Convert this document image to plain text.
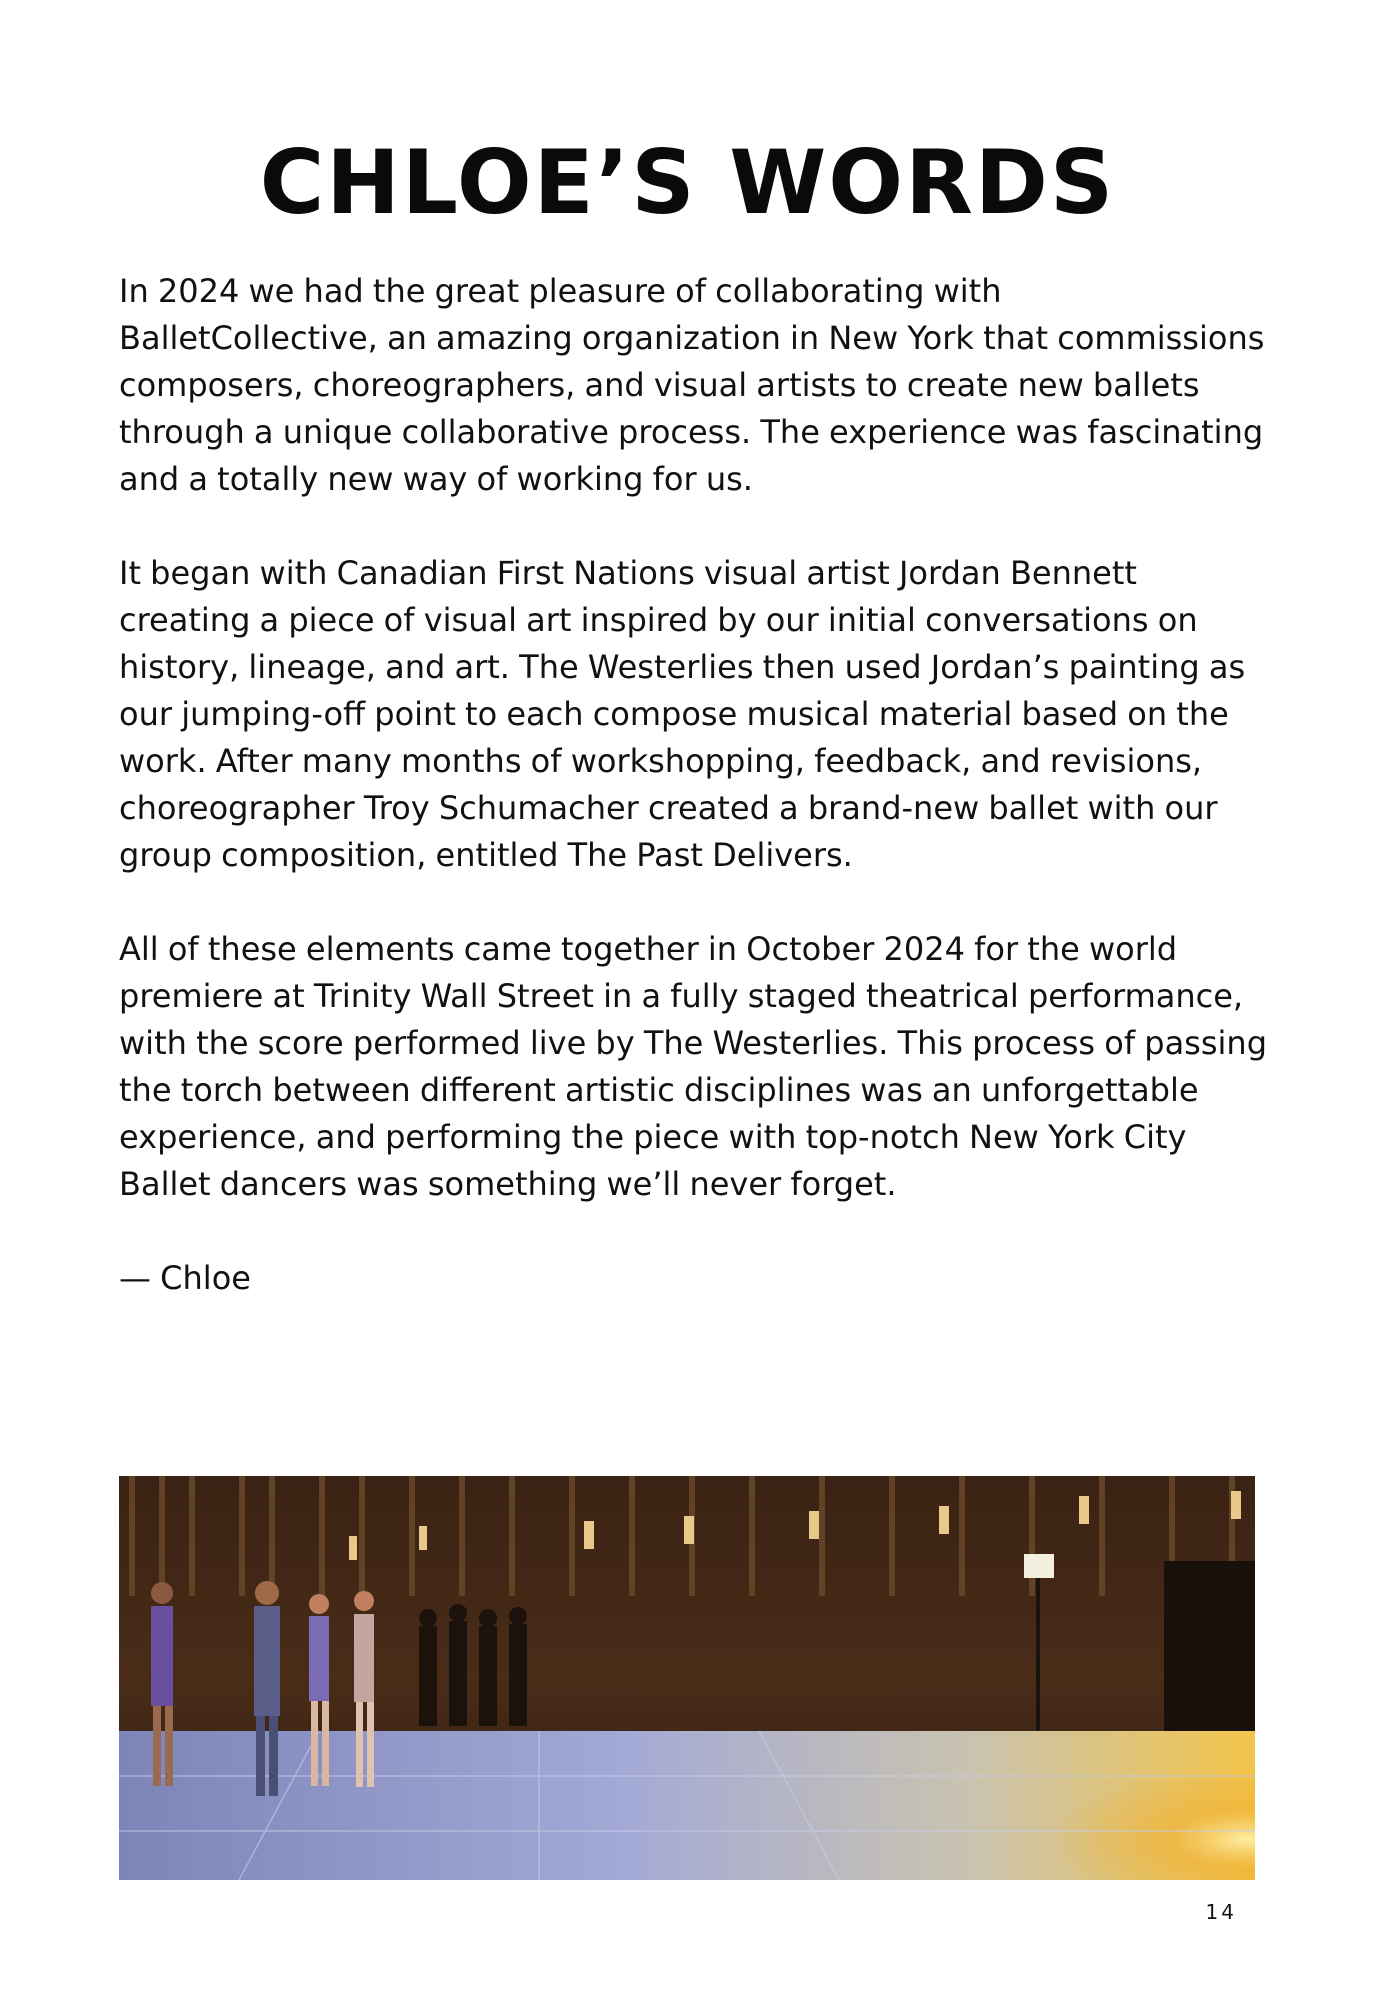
CHLOE’S WORDS

In 2024 we had the great pleasure of collaborating with BalletCollective, an amazing organization in New York that commissions composers, choreographers, and visual artists to create new ballets through a unique collaborative process. The experience was fascinating and a totally new way of working for us.

It began with Canadian First Nations visual artist Jordan Bennett creating a piece of visual art inspired by our initial conversations on history, lineage, and art. The Westerlies then used Jordan’s painting as our jumping-off point to each compose musical material based on the work. After many months of workshopping, feedback, and revisions, choreographer Troy Schumacher created a brand-new ballet with our group composition, entitled The Past Delivers.

All of these elements came together in October 2024 for the world premiere at Trinity Wall Street in a fully staged theatrical performance, with the score performed live by The Westerlies. This process of passing the torch between different artistic disciplines was an unforgettable experience, and performing the piece with top-notch New York City Ballet dancers was something we’ll never forget.

— Chloe

14
